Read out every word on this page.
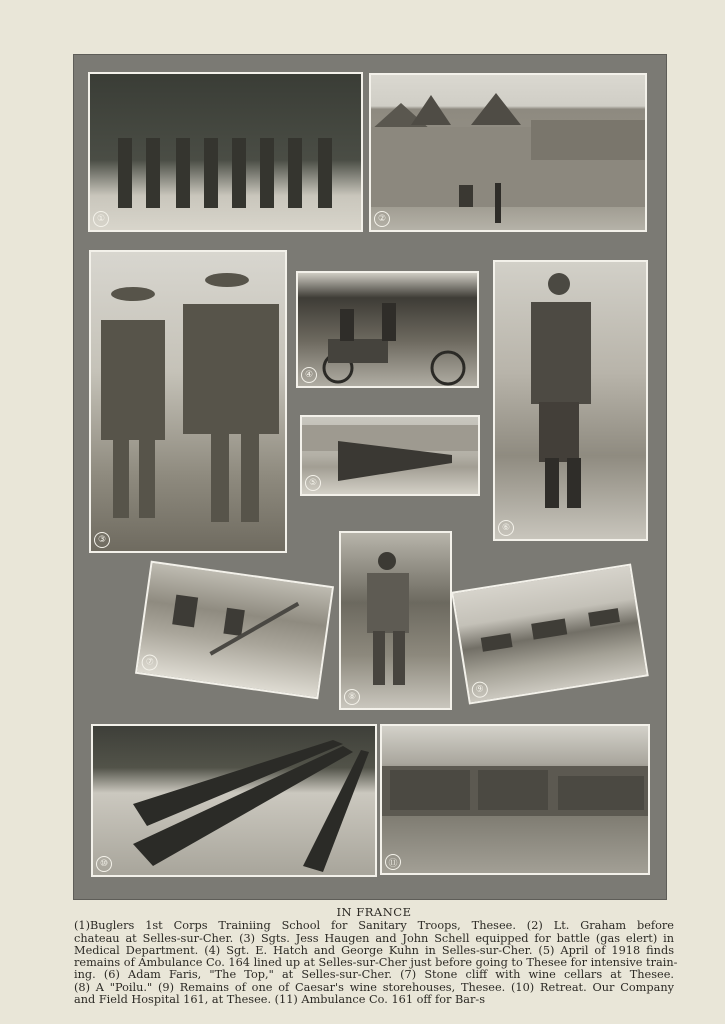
①	②
③
④
⑤
⑥
⑦
⑧
⑨
⑩	⑪
IN FRANCE
(1)Buglers 1st Corps Trainiing School for Sanitary Troops, Thesee. (2) Lt. Graham before
chateau at Selles-sur-Cher. (3) Sgts. Jess Haugen and John Schell equipped for battle (gas elert) in
Medical Department. (4) Sgt. E. Hatch and George Kuhn in Selles-sur-Cher. (5) April of 1918 finds
remains of Ambulance Co. 164 lined up at Selles-sur-Cher just before going to Thesee for intensive train-
ing. (6) Adam Faris, "The Top," at Selles-sur-Cher. (7) Stone cliff with wine cellars at Thesee.
(8) A "Poilu." (9) Remains of one of Caesar's wine storehouses, Thesee. (10) Retreat. Our Company
and Field Hospital 161, at Thesee. (11) Ambulance Co. 161 off for Bar-s
